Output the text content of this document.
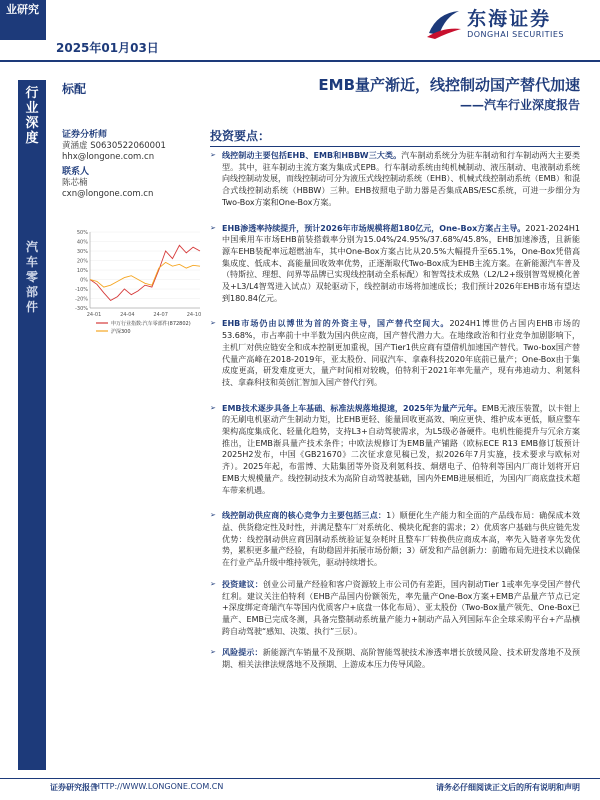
业研究
2025年01月03日
东海证券
DONGHAI SECURITIES
行
业
深
度
汽
车
零
部
件
标配
证券分析师
黄涵虚 S0630522060001
hhx@longone.com.cn
联系人
陈芯楠
cxn@longone.com.cn
50%
40%
30%
20%
10%
0%
-10%
-20%
-30%
24-01	24-04	24-07	24-10
申万行业指数:汽车零部件(872802)
沪深300
EMB量产渐近，线控制动国产替代加速
——汽车行业深度报告
投资要点：
➢ 线控制动主要包括EHB、EMB和HBBW三大类。汽车制动系统分为驻车制动和行车制动两大主要类型。其中，驻车制动主流方案为集成式EPB。行车制动系统由纯机械制动、液压制动、电液制动系统向线控制动发展，而线控制动可分为液压式线控制动系统（EHB）、机械式线控制动系统（EMB）和混合式线控制动系统（HBBW）三种。EHB按照电子助力器是否集成ABS/ESC系统，可进一步细分为Two-Box方案和One-Box方案。
➢ EHB渗透率持续提升，预计2026年市场规模将超180亿元，One-Box方案占主导。2021-2024H1中国乘用车市场EHB前装搭载率分别为15.04%/24.95%/37.68%/45.8%，EHB加速渗透，且新能源车EHB装配率远超燃油车，其中One-Box方案占比从20.5%大幅提升至65.1%，One-Box凭借高集成度、低成本、高能量回收效率优势，正逐渐取代Two-Box成为EHB主流方案。在新能源汽车普及（特斯拉、理想、问界等品牌已实现线控制动全系标配）和智驾技术成熟（L2/L2+级别智驾规模化普及+L3/L4智驾进入试点）双轮驱动下，线控制动市场将加速成长；我们预计2026年EHB市场有望达到180.84亿元。
➢ EHB市场仍由以博世为首的外资主导，国产替代空间大。2024H1博世仍占国内EHB市场的53.68%，市占率前十中半数为国内供应商，国产替代潜力大。在地缘政治和行业竞争加剧影响下，主机厂对供应链安全和成本控制更加重视，国产Tier1供应商有望借机加速国产替代。Two-box国产替代量产高峰在2018-2019年，亚太股份、同驭汽车、拿森科技2020年底前已量产；One-Box由于集成度更高，研发难度更大，量产时间相对较晚，伯特利于2021年率先量产，现有弗迪动力、利氪科技、拿森科技和英创汇智加入国产替代行列。
➢ EMB技术逐步具备上车基础、标准法规落地提速，2025年为量产元年。EMB无液压装置，以卡钳上的无刷电机驱动产生制动力矩，比EHB更轻、能量回收更高效、响应更快、维护成本更低，顺应整车架构高度集成化、轻量化趋势，支持L3+自动驾驶需求，为L5级必备硬件。电机性能提升与冗余方案推出，让EMB渐具量产技术条件；中欧法规修订为EMB量产铺路（欧标ECE R13 EMB修订版预计2025H2发布，中国《GB21670》二次征求意见稿已发，拟2026年7月实施，技术要求与欧标对齐）。2025年起，布雷博、大陆集团等外资及利氪科技、炯熠电子、伯特利等国内厂商计划将开启EMB大规模量产。线控制动技术为高阶自动驾驶基础，国内外EMB进展相近，为国内厂商底盘技术超车带来机遇。
➢ 线控制动供应商的核心竞争力主要包括三点：1）顺便化生产能力和全面的产品线布局：确保成本效益、供货稳定性及时性，并满足整车厂对系统化、模块化配套的需求；2）优质客户基础与供应链先发优势：线控制动供应商因制动系统验证复杂耗时且整车厂转换供应商成本高，率先入链者享先发优势，累积更多量产经验，有助稳固并拓展市场份额；3）研发和产品创新力：前瞻布局先进技术以确保在行业产品升级中维持领先，驱动持续增长。
➢ 投资建议：创业公司量产经验和客户资源较上市公司仍有差距，国内制动Tier 1或率先享受国产替代红利。建议关注伯特利（EHB产品国内份额领先，率先量产One-Box方案+EMB产品量产节点已定+深度绑定奇瑞汽车等国内优质客户+底盘一体化布局）、亚太股份（Two-Box量产领先、One-Box已量产、EMB已完成冬测，具备完整制动系统量产能力+制动产品入列国际车企全球采购平台+产品横跨自动驾驶“感知、决策、执行”三层）。
➢ 风险提示：新能源汽车销量不及预期、高阶智能驾驶技术渗透率增长放缓风险、技术研发落地不及预期、相关法律法规落地不及预期、上游成本压力传导风险。
证券研究报告
HTTP://WWW.LONGONE.COM.CN	请务必仔细阅读正文后的所有说明和声明
